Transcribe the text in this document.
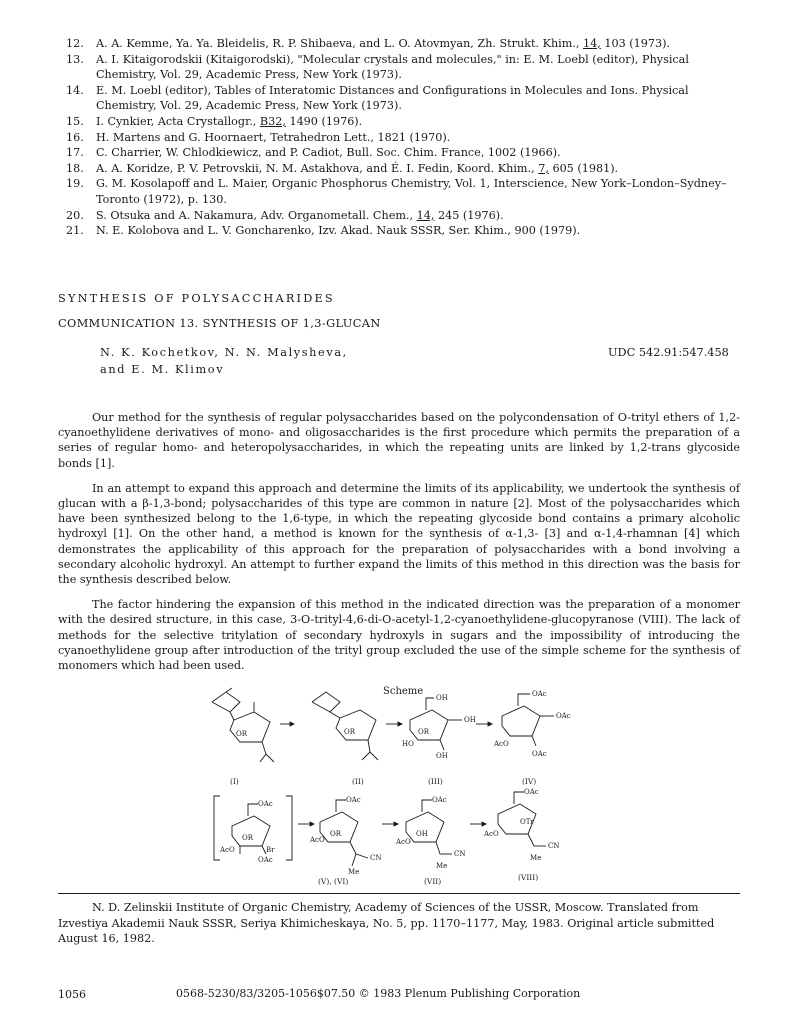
12.	A. A. Kemme, Ya. Ya. Bleidelis, R. P. Shibaeva, and L. O. Atovmyan, Zh. Strukt. Khim., 14, 103 (1973).
13.	A. I. Kitaigorodskii (Kitaigorodski), "Molecular crystals and molecules," in: E. M. Loebl (editor), Physical Chemistry, Vol. 29, Academic Press, New York (1973).
14.	E. M. Loebl (editor), Tables of Interatomic Distances and Configurations in Molecules and Ions. Physical Chemistry, Vol. 29, Academic Press, New York (1973).
15.	I. Cynkier, Acta Crystallogr., B32, 1490 (1976).
16.	H. Martens and G. Hoornaert, Tetrahedron Lett., 1821 (1970).
17.	C. Charrier, W. Chlodkiewicz, and P. Cadiot, Bull. Soc. Chim. France, 1002 (1966).
18.	A. A. Koridze, P. V. Petrovskii, N. M. Astakhova, and É. I. Fedin, Koord. Khim., 7, 605 (1981).
19.	G. M. Kosolapoff and L. Maier, Organic Phosphorus Chemistry, Vol. 1, Interscience, New York–London–Sydney–Toronto (1972), p. 130.
20.	S. Otsuka and A. Nakamura, Adv. Organometall. Chem., 14, 245 (1976).
21.	N. E. Kolobova and L. V. Goncharenko, Izv. Akad. Nauk SSSR, Ser. Khim., 900 (1979).
SYNTHESIS OF POLYSACCHARIDES
COMMUNICATION 13. SYNTHESIS OF 1,3-GLUCAN
N. K. Kochetkov, N. N. Malysheva,
and E. M. Klimov
UDC 542.91:547.458

Our method for the synthesis of regular polysaccharides based on the polycondensation of O-trityl ethers of 1,2-cyanoethylidene derivatives of mono- and oligosaccharides is the first procedure which permits the preparation of a series of regular homo- and heteropolysaccharides, in which the repeating units are linked by 1,2-trans glycoside bonds [1].

In an attempt to expand this approach and determine the limits of its applicability, we undertook the synthesis of glucan with a β-1,3-bond; polysaccharides of this type are common in nature [2]. Most of the polysaccharides which have been synthesized belong to the 1,6-type, in which the repeating glycoside bond contains a primary alcoholic hydroxyl [1]. On the other hand, a method is known for the synthesis of α-1,3- [3] and α-1,4-rhamnan [4] which demonstrates the applicability of this approach for the preparation of polysaccharides with a bond involving a secondary alcoholic hydroxyl. An attempt to further expand the limits of this method in this direction was the basis for the synthesis described below.

The factor hindering the expansion of this method in the indicated direction was the preparation of a monomer with the desired structure, in this case, 3-O-trityl-4,6-di-O-acetyl-1,2-cyanoethylidene-glucopyranose (VIII). The lack of methods for the selective tritylation of secondary hydroxyls in sugars and the impossibility of introducing the cyanoethylidene group after introduction of the trityl group excluded the use of the simple scheme for the synthesis of monomers which had been used.

Scheme
OR
(I)
OR
(II)
OH
OR
OH
HO
OH
(III)
OAc
OAc
AcO
OAc
(IV)
OAc
OR
AcO	Br
OAc
OAc
OR
AcO
CN
Me
(V), (VI)
OAc
OH
AcO
CN
Me
(VII)
OAc
OTr
AcO
CN
Me
(VIII)
N. D. Zelinskii Institute of Organic Chemistry, Academy of Sciences of the USSR, Moscow. Translated from Izvestiya Akademii Nauk SSSR, Seriya Khimicheskaya, No. 5, pp. 1170–1177, May, 1983. Original article submitted August 16, 1982.
1056	0568-5230/83/3205-1056$07.50 © 1983 Plenum Publishing Corporation
